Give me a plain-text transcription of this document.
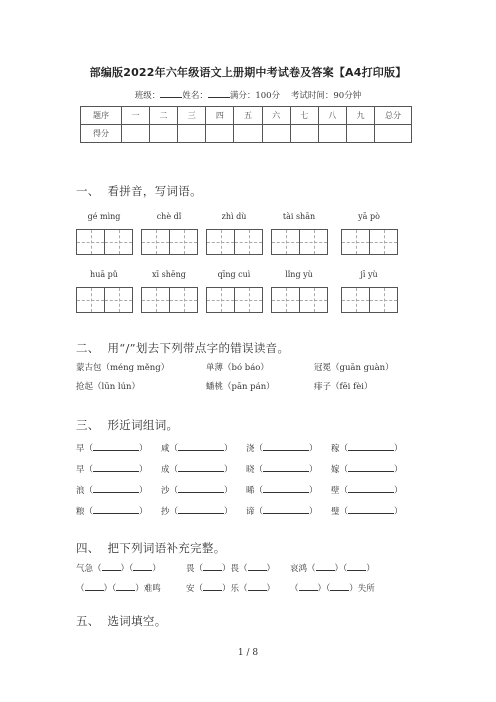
部编版2022年六年级语文上册期中考试卷及答案【A4打印版】
班级：	姓名：	满分：100分 考试时间：90分钟
题序	一	二	三	四	五	六	七	八	九	总分
得分										
一、  看拼音，写词语。
gé mìng	chè dǐ	zhì dù	tài shān	yā pò
huā pǔ	xī shēng	qīng cuì	lǐng yù	jī yù
二、  用“/”划去下列带点字的错误读音。
蒙古包（méng měng）	单薄（bó báo）	冠冕（guān guàn）
抢起（lūn lún）	蟠桃（pān pán）	痱子（fēi fèi）
三、  形近词组词。
早（	）	咸（	）	浇（	）	稼（	）
早（	）	成（	）	晓（	）	嫁（	）
浪（	）	沙（	）	晞（	）	壁（	）
粮（	）	抄（	）	谛（	）	璧（	）
四、  把下列词语补充完整。
气急（ ）（ ）	畏（ ）畏（ ） 哀鸿（ ）（ ）
（ ）（ ）难鸣	安（ ）乐（ ） （ ）（ ）失所
五、  选词填空。
1 / 8
